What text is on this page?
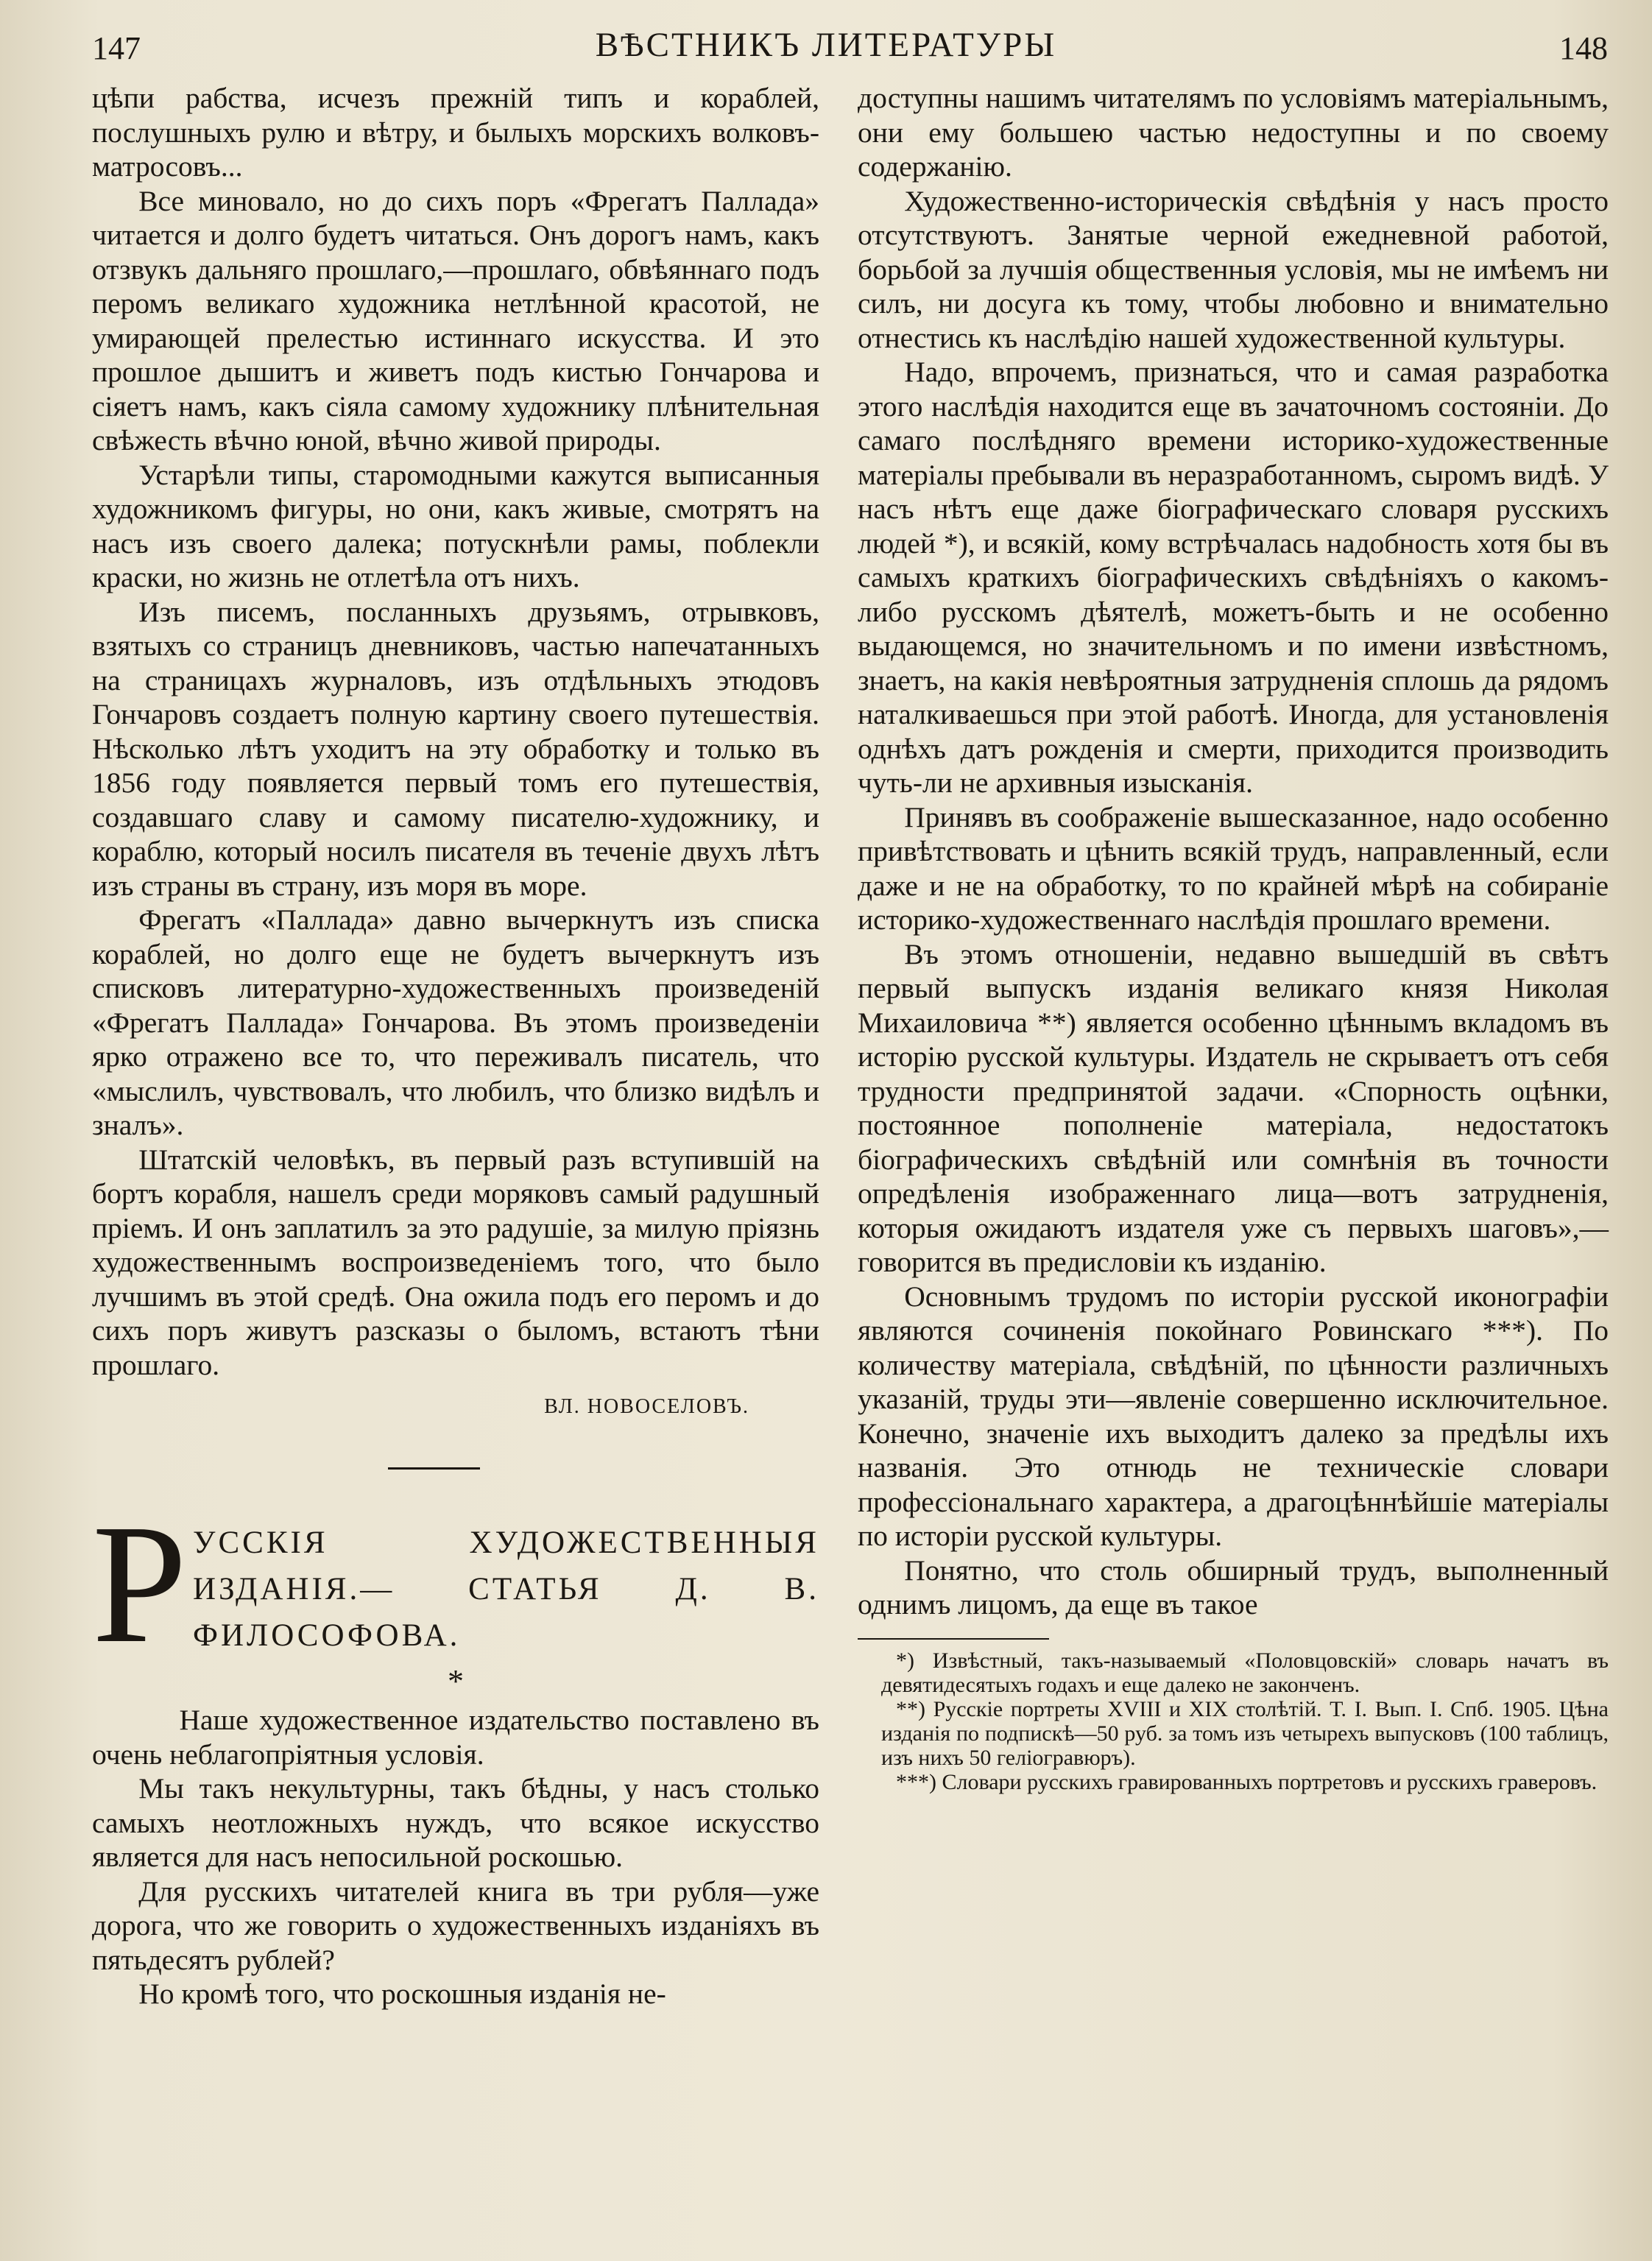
147	ВѢСТНИКЪ ЛИТЕРАТУРЫ	148

цѣпи рабства, исчезъ прежній типъ и кораблей, послушныхъ рулю и вѣтру, и былыхъ морскихъ волковъ-матросовъ...

Все миновало, но до сихъ поръ «Фрегатъ Паллада» читается и долго будетъ читаться. Онъ дорогъ намъ, какъ отзвукъ дальняго прошлаго,—прошлаго, обвѣяннаго подъ перомъ великаго художника нетлѣнной красотой, не умирающей прелестью истиннаго искусства. И это прошлое дышитъ и живетъ подъ кистью Гончарова и сіяетъ намъ, какъ сіяла самому художнику плѣнительная свѣжесть вѣчно юной, вѣчно живой природы.

Устарѣли типы, старомодными кажутся выписанныя художникомъ фигуры, но они, какъ живые, смотрятъ на насъ изъ своего далека; потускнѣли рамы, поблекли краски, но жизнь не отлетѣла отъ нихъ.

Изъ писемъ, посланныхъ друзьямъ, отрывковъ, взятыхъ со страницъ дневниковъ, частью напечатанныхъ на страницахъ журналовъ, изъ отдѣльныхъ этюдовъ Гончаровъ создаетъ полную картину своего путешествія. Нѣсколько лѣтъ уходитъ на эту обработку и только въ 1856 году появляется первый томъ его путешествія, создавшаго славу и самому писателю-художнику, и кораблю, который носилъ писателя въ теченіе двухъ лѣтъ изъ страны въ страну, изъ моря въ море.

Фрегатъ «Паллада» давно вычеркнутъ изъ списка кораблей, но долго еще не будетъ вычеркнутъ изъ списковъ литературно-художественныхъ произведеній «Фрегатъ Паллада» Гончарова. Въ этомъ произведеніи ярко отражено все то, что переживалъ писатель, что «мыслилъ, чувствовалъ, что любилъ, что близко видѣлъ и зналъ».

Штатскій человѣкъ, въ первый разъ вступившій на бортъ корабля, нашелъ среди моряковъ самый радушный пріемъ. И онъ заплатилъ за это радушіе, за милую пріязнь художественнымъ воспроизведеніемъ того, что было лучшимъ въ этой средѣ. Она ожила подъ его перомъ и до сихъ поръ живутъ разсказы о быломъ, встаютъ тѣни прошлаго.

ВЛ. НОВОСЕЛОВЪ.
Р УССКІЯ ХУДОЖЕСТВЕННЫЯ ИЗДАНІЯ.— СТАТЬЯ Д. В. ФИЛОСОФОВА.
*

Наше художественное издательство поставлено въ очень неблагопріятныя условія.

Мы такъ некультурны, такъ бѣдны, у насъ столько самыхъ неотложныхъ нуждъ, что всякое искусство является для насъ непосильной роскошью.

Для русскихъ читателей книга въ три рубля—уже дорога, что же говорить о художественныхъ изданіяхъ въ пятьдесятъ рублей?

Но кромѣ того, что роскошныя изданія не-

доступны нашимъ читателямъ по условіямъ матеріальнымъ, они ему большею частью недоступны и по своему содержанію.

Художественно-историческія свѣдѣнія у насъ просто отсутствуютъ. Занятые черной ежедневной работой, борьбой за лучшія общественныя условія, мы не имѣемъ ни силъ, ни досуга къ тому, чтобы любовно и внимательно отнестись къ наслѣдію нашей художественной культуры.

Надо, впрочемъ, признаться, что и самая разработка этого наслѣдія находится еще въ зачаточномъ состояніи. До самаго послѣдняго времени историко-художественные матеріалы пребывали въ неразработанномъ, сыромъ видѣ. У насъ нѣтъ еще даже біографическаго словаря русскихъ людей *), и всякій, кому встрѣчалась надобность хотя бы въ самыхъ краткихъ біографическихъ свѣдѣніяхъ о какомъ-либо русскомъ дѣятелѣ, можетъ-быть и не особенно выдающемся, но значительномъ и по имени извѣстномъ, знаетъ, на какія невѣроятныя затрудненія сплошь да рядомъ наталкиваешься при этой работѣ. Иногда, для установленія однѣхъ датъ рожденія и смерти, приходится производить чуть-ли не архивныя изысканія.

Принявъ въ соображеніе вышесказанное, надо особенно привѣтствовать и цѣнить всякій трудъ, направленный, если даже и не на обработку, то по крайней мѣрѣ на собираніе историко-художественнаго наслѣдія прошлаго времени.

Въ этомъ отношеніи, недавно вышедшій въ свѣтъ первый выпускъ изданія великаго князя Николая Михаиловича **) является особенно цѣннымъ вкладомъ въ исторію русской культуры. Издатель не скрываетъ отъ себя трудности предпринятой задачи. «Спорность оцѣнки, постоянное пополненіе матеріала, недостатокъ біографическихъ свѣдѣній или сомнѣнія въ точности опредѣленія изображеннаго лица—вотъ затрудненія, которыя ожидаютъ издателя уже съ первыхъ шаговъ»,—говорится въ предисловіи къ изданію.

Основнымъ трудомъ по исторіи русской иконографіи являются сочиненія покойнаго Ровинскаго ***). По количеству матеріала, свѣдѣній, по цѣнности различныхъ указаній, труды эти—явленіе совершенно исключительное. Конечно, значеніе ихъ выходитъ далеко за предѣлы ихъ названія. Это отнюдь не техническіе словари профессіональнаго характера, а драгоцѣннѣйшіе матеріалы по исторіи русской культуры.

Понятно, что столь обширный трудъ, выполненный однимъ лицомъ, да еще въ такое

*) Извѣстный, такъ-называемый «Половцовскій» словарь начатъ въ девятидесятыхъ годахъ и еще далеко не законченъ.

**) Русскіе портреты XVIII и XIX столѣтій. Т. I. Вып. I. Спб. 1905. Цѣна изданія по подпискѣ—50 руб. за томъ изъ четырехъ выпусковъ (100 таблицъ, изъ нихъ 50 геліогравюръ).

***) Словари русскихъ гравированныхъ портретовъ и русскихъ граверовъ.
